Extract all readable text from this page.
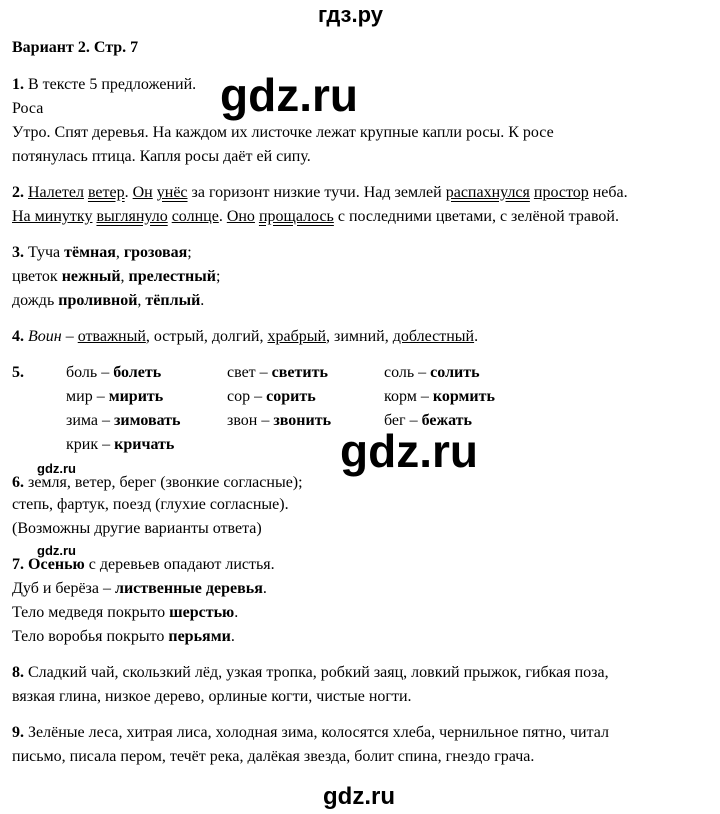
гдз.ру
gdz.ru
gdz.ru
gdz.ru
gdz.ru
gdz.ru
Вариант 2. Стр. 7
1. В тексте 5 предложений.
Роса
Утро. Спят деревья. На каждом их листочке лежат крупные капли росы. К росе
потянулась птица. Капля росы даёт ей сипу.
2. Налетел ветер. Он унёс за горизонт низкие тучи. Над землей распахнулся простор неба.
На минутку выглянуло солнце. Оно прощалось с последними цветами, с зелёной травой.
3. Туча тёмная, грозовая;
цветок нежный, прелестный;
дождь проливной, тёплый.
4. Воин – отважный, острый, долгий, храбрый, зимний, доблестный.
5.	боль – болеть	свет – светить	соль – солить
мир – мирить	сор – сорить	корм – кормить
зима – зимовать	звон – звонить	бег – бежать
крик – кричать
6. земля, ветер, берег (звонкие согласные);
степь, фартук, поезд (глухие согласные).
(Возможны другие варианты ответа)
7. Осенью с деревьев опадают листья.
Дуб и берёза – лиственные деревья.
Тело медведя покрыто шерстью.
Тело воробья покрыто перьями.
8. Сладкий чай, скользкий лёд, узкая тропка, робкий заяц, ловкий прыжок, гибкая поза,
вязкая глина, низкое дерево, орлиные когти, чистые ногти.
9. Зелёные леса, хитрая лиса, холодная зима, колосятся хлеба, чернильное пятно, читал
письмо, писала пером, течёт река, далёкая звезда, болит спина, гнездо грача.
